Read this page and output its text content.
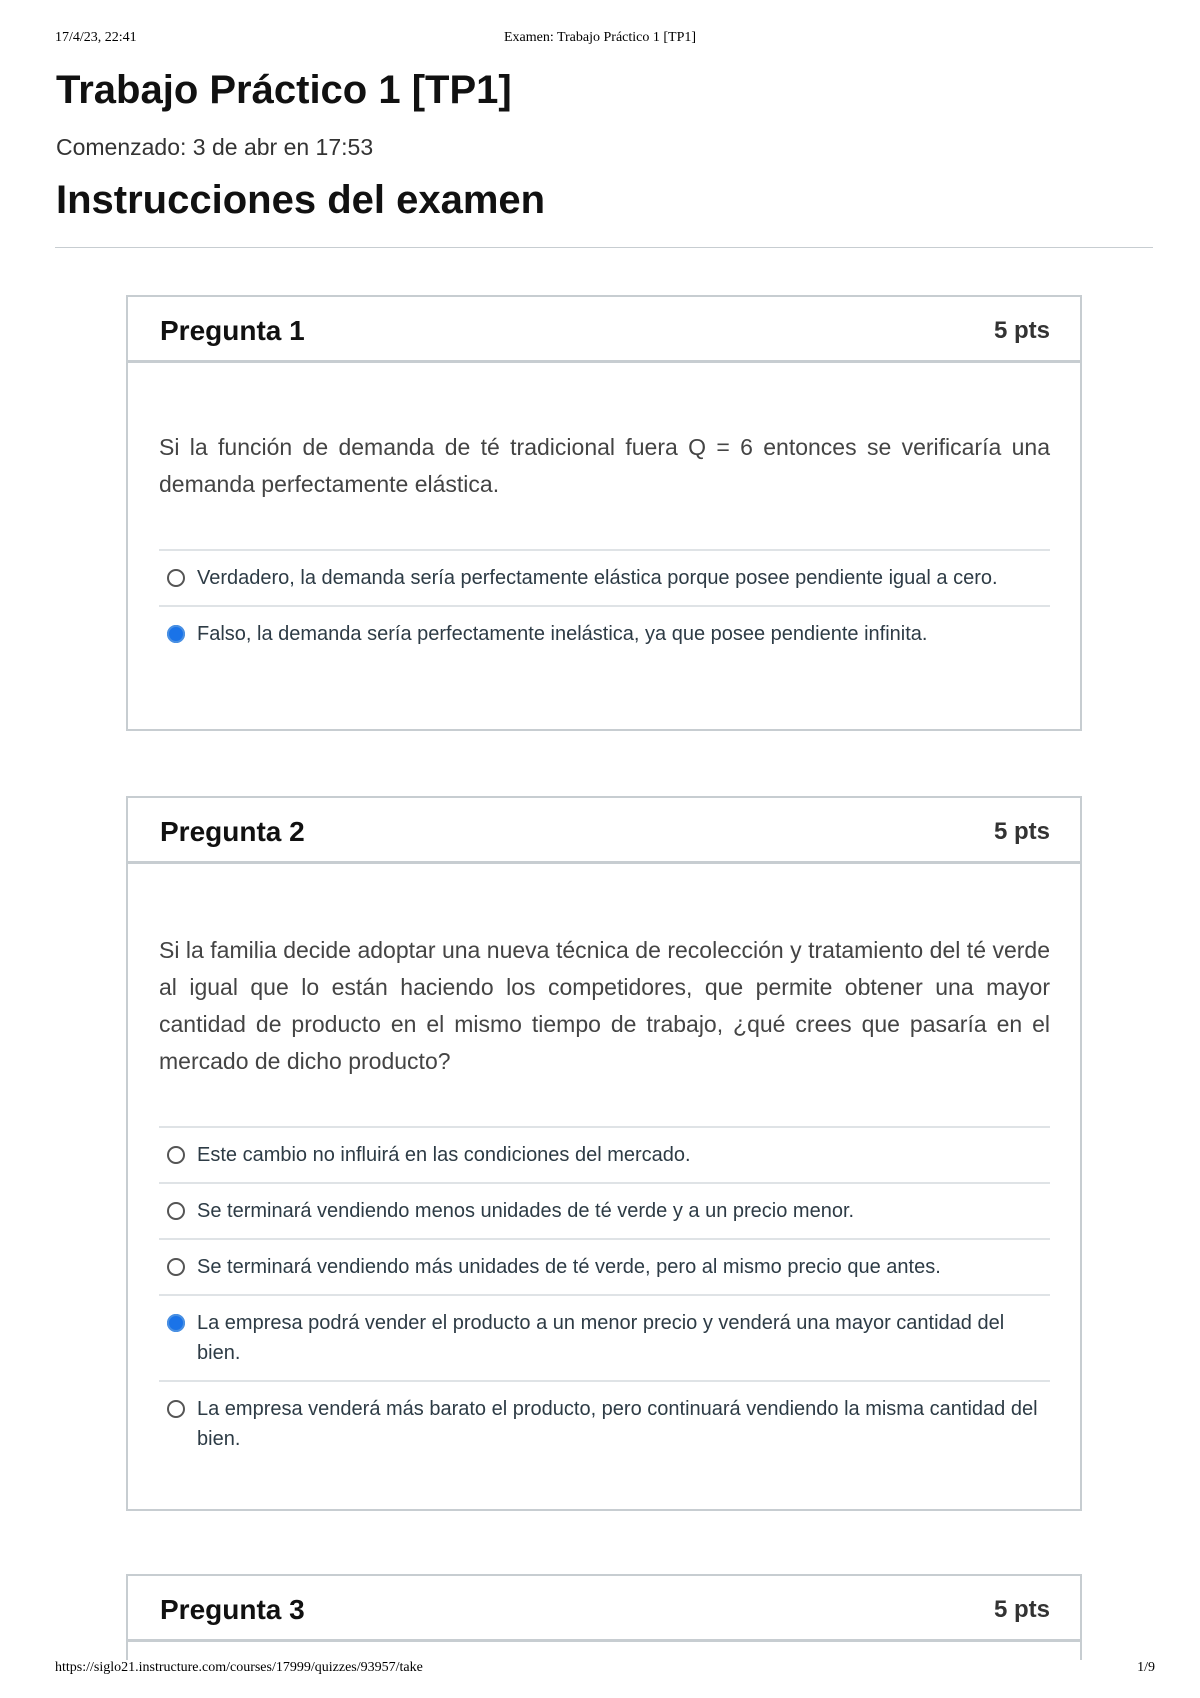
17/4/23, 22:41	Examen: Trabajo Práctico 1 [TP1]
Trabajo Práctico 1 [TP1]
Comenzado: 3 de abr en 17:53
Instrucciones del examen
Pregunta 1	5 pts

Si la función de demanda de té tradicional fuera Q = 6 entonces se verificaría una demanda perfectamente elástica.

Verdadero, la demanda sería perfectamente elástica porque posee pendiente igual a cero.
Falso, la demanda sería perfectamente inelástica, ya que posee pendiente infinita.
Pregunta 2	5 pts

Si la familia decide adoptar una nueva técnica de recolección y tratamiento del té verde al igual que lo están haciendo los competidores, que permite obtener una mayor cantidad de producto en el mismo tiempo de trabajo, ¿qué crees que pasaría en el mercado de dicho producto?

Este cambio no influirá en las condiciones del mercado.
Se terminará vendiendo menos unidades de té verde y a un precio menor.
Se terminará vendiendo más unidades de té verde, pero al mismo precio que antes.
La empresa podrá vender el producto a un menor precio y venderá una mayor cantidad del bien.
La empresa venderá más barato el producto, pero continuará vendiendo la misma cantidad del bien.
Pregunta 3	5 pts
https://siglo21.instructure.com/courses/17999/quizzes/93957/take	1/9
